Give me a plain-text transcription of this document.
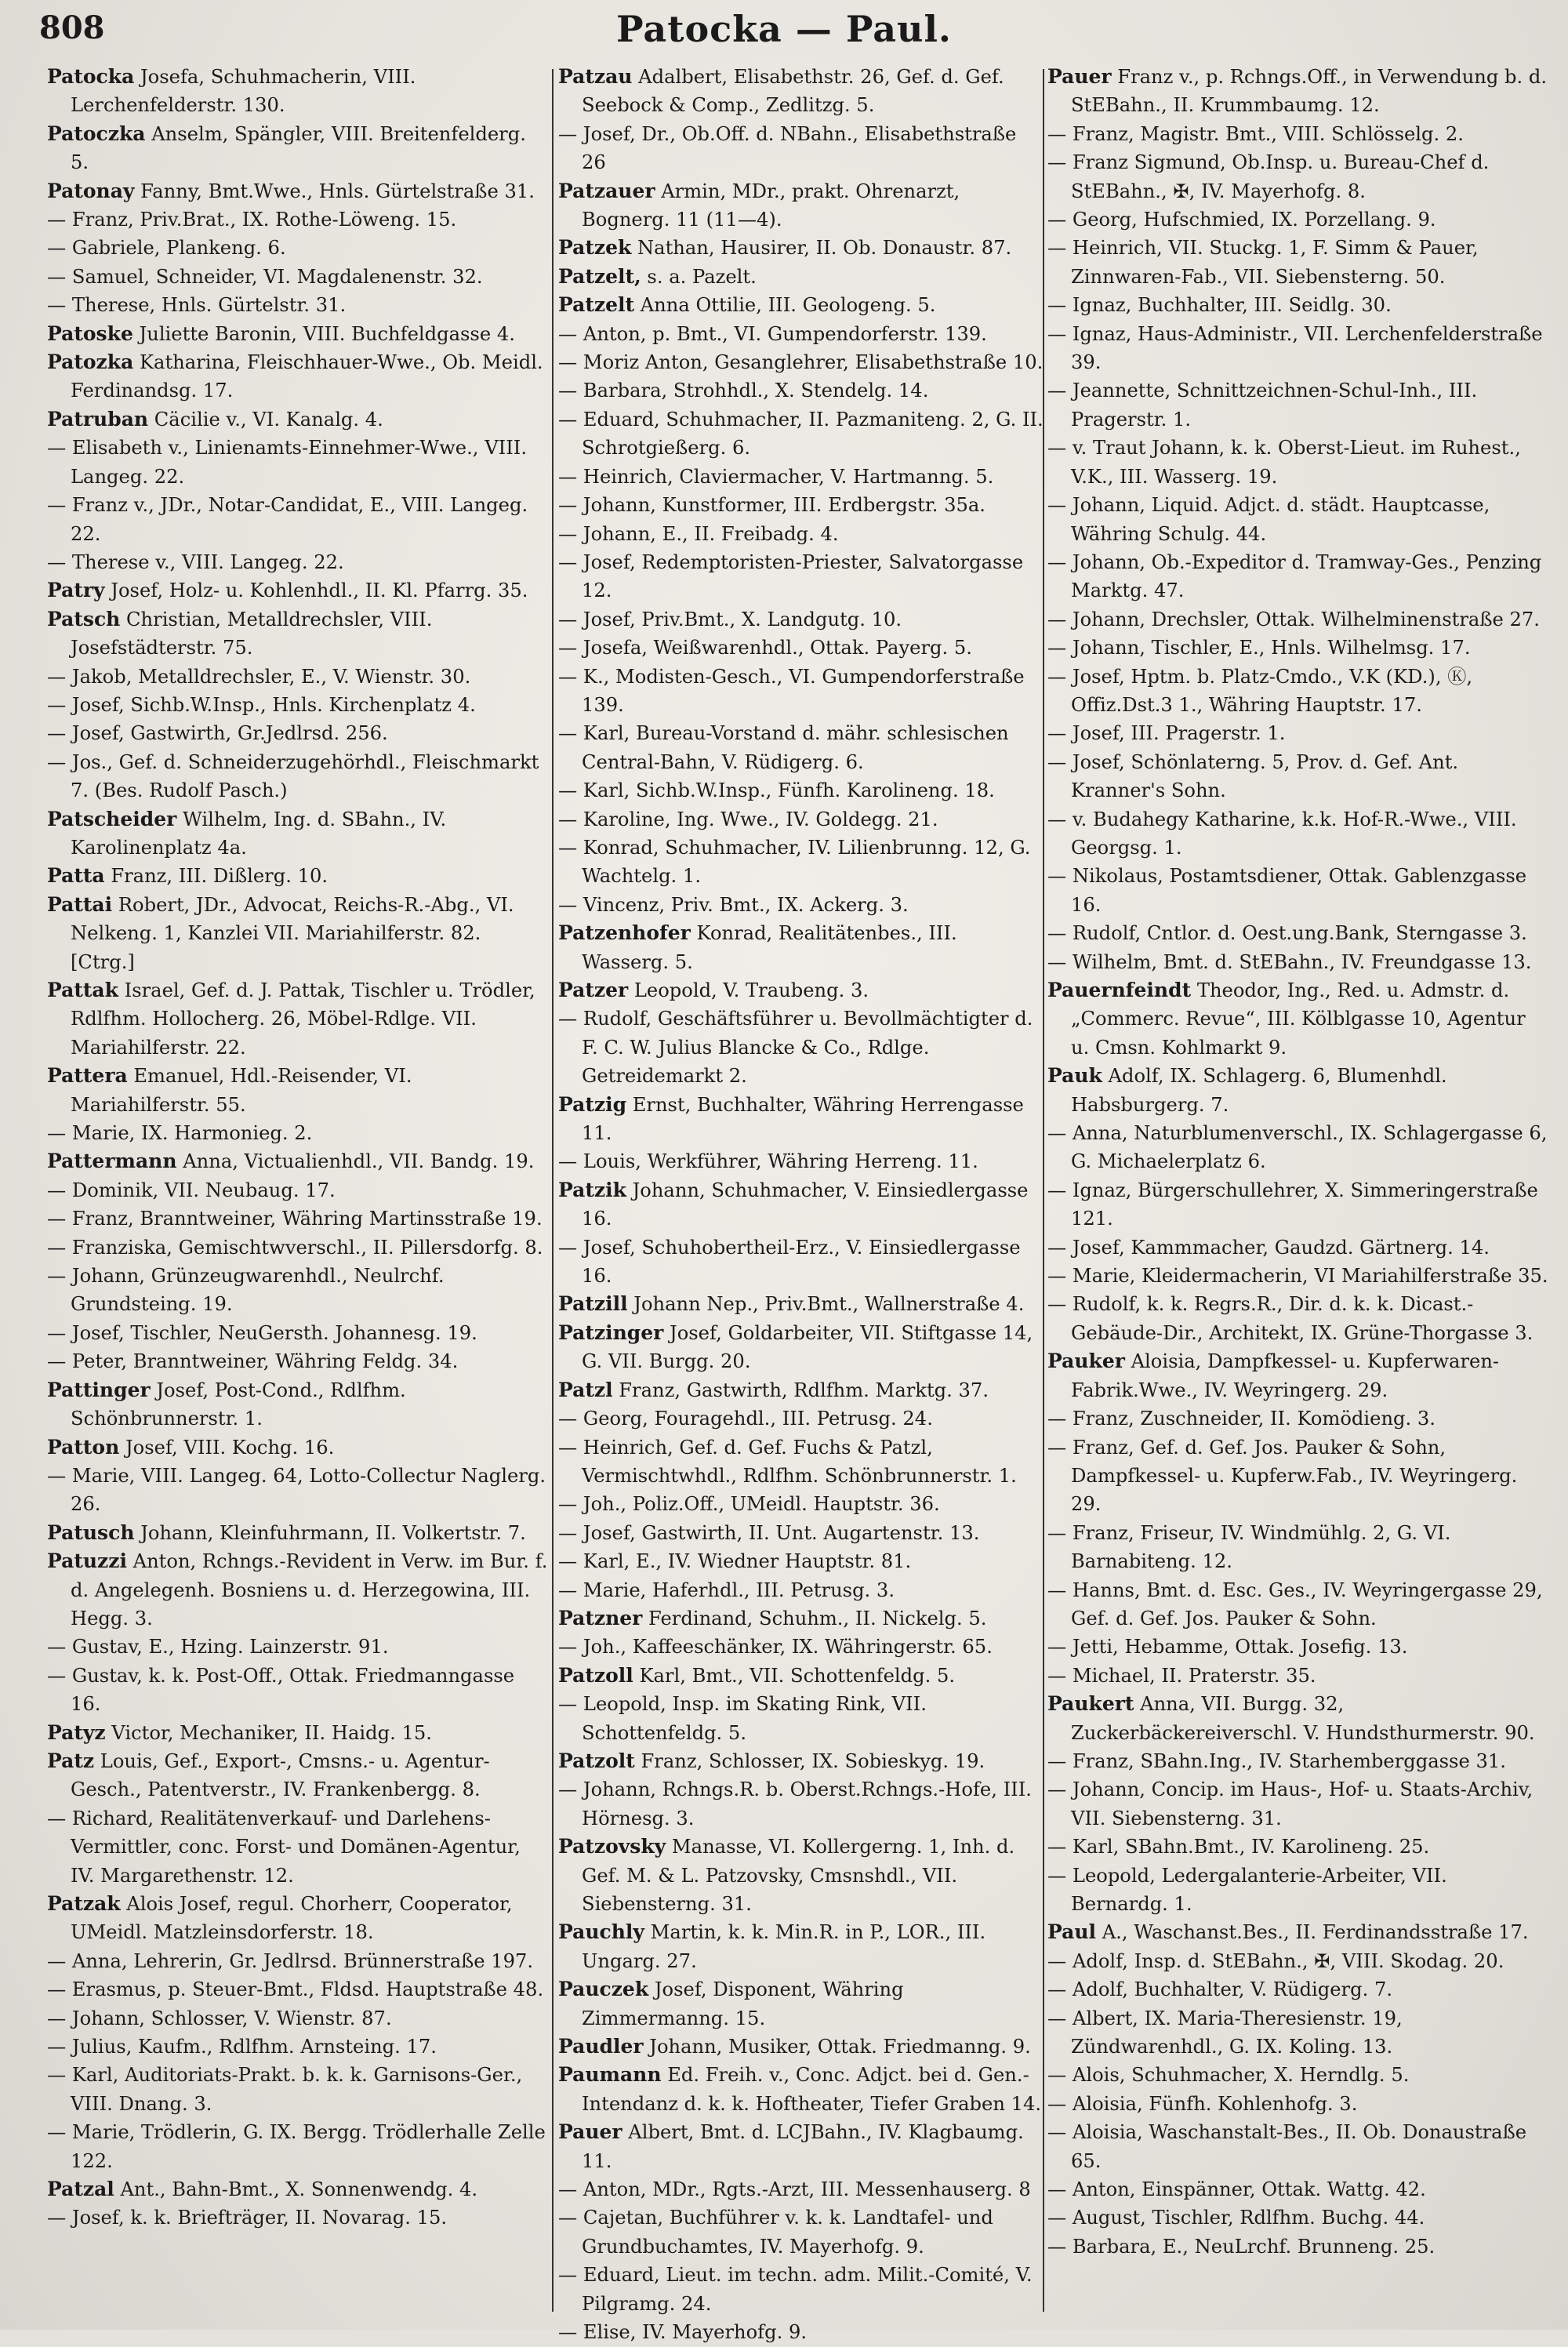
808	Patocka — Paul.

Patocka Josefa, Schuhmacherin, VIII. Lerchenfelderstr. 130.

Patoczka Anselm, Spängler, VIII. Breitenfelderg. 5.

Patonay Fanny, Bmt.Wwe., Hnls. Gürtelstraße 31.

— Franz, Priv.Brat., IX. Rothe-Löweng. 15.

— Gabriele, Plankeng. 6.

— Samuel, Schneider, VI. Magdalenenstr. 32.

— Therese, Hnls. Gürtelstr. 31.

Patoske Juliette Baronin, VIII. Buchfeldgasse 4.

Patozka Katharina, Fleischhauer-Wwe., Ob. Meidl. Ferdinandsg. 17.

Patruban Cäcilie v., VI. Kanalg. 4.

— Elisabeth v., Linienamts-Einnehmer-Wwe., VIII. Langeg. 22.

— Franz v., JDr., Notar-Candidat, E., VIII. Langeg. 22.

— Therese v., VIII. Langeg. 22.

Patry Josef, Holz- u. Kohlenhdl., II. Kl. Pfarrg. 35.

Patsch Christian, Metalldrechsler, VIII. Josefstädterstr. 75.

— Jakob, Metalldrechsler, E., V. Wienstr. 30.

— Josef, Sichb.W.Insp., Hnls. Kirchenplatz 4.

— Josef, Gastwirth, Gr.Jedlrsd. 256.

— Jos., Gef. d. Schneiderzugehörhdl., Fleischmarkt 7. (Bes. Rudolf Pasch.)

Patscheider Wilhelm, Ing. d. SBahn., IV. Karolinenplatz 4a.

Patta Franz, III. Dißlerg. 10.

Pattai Robert, JDr., Advocat, Reichs-R.-Abg., VI. Nelkeng. 1, Kanzlei VII. Mariahilferstr. 82. [Ctrg.]

Pattak Israel, Gef. d. J. Pattak, Tischler u. Trödler, Rdlfhm. Hollocherg. 26, Möbel-Rdlge. VII. Mariahilferstr. 22.

Pattera Emanuel, Hdl.-Reisender, VI. Mariahilferstr. 55.

— Marie, IX. Harmonieg. 2.

Pattermann Anna, Victualienhdl., VII. Bandg. 19.

— Dominik, VII. Neubaug. 17.

— Franz, Branntweiner, Währing Martinsstraße 19.

— Franziska, Gemischtwverschl., II. Pillersdorfg. 8.

— Johann, Grünzeugwarenhdl., Neulrchf. Grundsteing. 19.

— Josef, Tischler, NeuGersth. Johannesg. 19.

— Peter, Branntweiner, Währing Feldg. 34.

Pattinger Josef, Post-Cond., Rdlfhm. Schönbrunnerstr. 1.

Patton Josef, VIII. Kochg. 16.

— Marie, VIII. Langeg. 64, Lotto-Collectur Naglerg. 26.

Patusch Johann, Kleinfuhrmann, II. Volkertstr. 7.

Patuzzi Anton, Rchngs.-Revident in Verw. im Bur. f. d. Angelegenh. Bosniens u. d. Herzegowina, III. Hegg. 3.

— Gustav, E., Hzing. Lainzerstr. 91.

— Gustav, k. k. Post-Off., Ottak. Friedmanngasse 16.

Patyz Victor, Mechaniker, II. Haidg. 15.

Patz Louis, Gef., Export-, Cmsns.- u. Agentur-Gesch., Patentverstr., IV. Frankenbergg. 8.

— Richard, Realitätenverkauf- und Darlehens-Vermittler, conc. Forst- und Domänen-Agentur, IV. Margarethenstr. 12.

Patzak Alois Josef, regul. Chorherr, Cooperator, UMeidl. Matzleinsdorferstr. 18.

— Anna, Lehrerin, Gr. Jedlrsd. Brünnerstraße 197.

— Erasmus, p. Steuer-Bmt., Fldsd. Hauptstraße 48.

— Johann, Schlosser, V. Wienstr. 87.

— Julius, Kaufm., Rdlfhm. Arnsteing. 17.

— Karl, Auditoriats-Prakt. b. k. k. Garnisons-Ger., VIII. Dnang. 3.

— Marie, Trödlerin, G. IX. Bergg. Trödlerhalle Zelle 122.

Patzal Ant., Bahn-Bmt., X. Sonnenwendg. 4.

— Josef, k. k. Briefträger, II. Novarag. 15.

Patzau Adalbert, Elisabethstr. 26, Gef. d. Gef. Seebock & Comp., Zedlitzg. 5.

— Josef, Dr., Ob.Off. d. NBahn., Elisabethstraße 26

Patzauer Armin, MDr., prakt. Ohrenarzt, Bognerg. 11 (11—4).

Patzek Nathan, Hausirer, II. Ob. Donaustr. 87.

Patzelt, s. a. Pazelt.

Patzelt Anna Ottilie, III. Geologeng. 5.

— Anton, p. Bmt., VI. Gumpendorferstr. 139.

— Moriz Anton, Gesanglehrer, Elisabethstraße 10.

— Barbara, Strohhdl., X. Stendelg. 14.

— Eduard, Schuhmacher, II. Pazmaniteng. 2, G. II. Schrotgießerg. 6.

— Heinrich, Claviermacher, V. Hartmanng. 5.

— Johann, Kunstformer, III. Erdbergstr. 35a.

— Johann, E., II. Freibadg. 4.

— Josef, Redemptoristen-Priester, Salvatorgasse 12.

— Josef, Priv.Bmt., X. Landgutg. 10.

— Josefa, Weißwarenhdl., Ottak. Payerg. 5.

— K., Modisten-Gesch., VI. Gumpendorferstraße 139.

— Karl, Bureau-Vorstand d. mähr. schlesischen Central-Bahn, V. Rüdigerg. 6.

— Karl, Sichb.W.Insp., Fünfh. Karolineng. 18.

— Karoline, Ing. Wwe., IV. Goldegg. 21.

— Konrad, Schuhmacher, IV. Lilienbrunng. 12, G. Wachtelg. 1.

— Vincenz, Priv. Bmt., IX. Ackerg. 3.

Patzenhofer Konrad, Realitätenbes., III. Wasserg. 5.

Patzer Leopold, V. Traubeng. 3.

— Rudolf, Geschäftsführer u. Bevollmächtigter d. F. C. W. Julius Blancke & Co., Rdlge. Getreidemarkt 2.

Patzig Ernst, Buchhalter, Währing Herrengasse 11.

— Louis, Werkführer, Währing Herreng. 11.

Patzik Johann, Schuhmacher, V. Einsiedlergasse 16.

— Josef, Schuhobertheil-Erz., V. Einsiedlergasse 16.

Patzill Johann Nep., Priv.Bmt., Wallnerstraße 4.

Patzinger Josef, Goldarbeiter, VII. Stiftgasse 14, G. VII. Burgg. 20.

Patzl Franz, Gastwirth, Rdlfhm. Marktg. 37.

— Georg, Fouragehdl., III. Petrusg. 24.

— Heinrich, Gef. d. Gef. Fuchs & Patzl, Vermischtwhdl., Rdlfhm. Schönbrunnerstr. 1.

— Joh., Poliz.Off., UMeidl. Hauptstr. 36.

— Josef, Gastwirth, II. Unt. Augartenstr. 13.

— Karl, E., IV. Wiedner Hauptstr. 81.

— Marie, Haferhdl., III. Petrusg. 3.

Patzner Ferdinand, Schuhm., II. Nickelg. 5.

— Joh., Kaffeeschänker, IX. Währingerstr. 65.

Patzoll Karl, Bmt., VII. Schottenfeldg. 5.

— Leopold, Insp. im Skating Rink, VII. Schottenfeldg. 5.

Patzolt Franz, Schlosser, IX. Sobieskyg. 19.

— Johann, Rchngs.R. b. Oberst.Rchngs.-Hofe, III. Hörnesg. 3.

Patzovsky Manasse, VI. Kollergerng. 1, Inh. d. Gef. M. & L. Patzovsky, Cmsnshdl., VII. Siebensterng. 31.

Pauchly Martin, k. k. Min.R. in P., LOR., III. Ungarg. 27.

Pauczek Josef, Disponent, Währing Zimmermanng. 15.

Paudler Johann, Musiker, Ottak. Friedmanng. 9.

Paumann Ed. Freih. v., Conc. Adjct. bei d. Gen.-Intendanz d. k. k. Hoftheater, Tiefer Graben 14.

Pauer Albert, Bmt. d. LCJBahn., IV. Klagbaumg. 11.

— Anton, MDr., Rgts.-Arzt, III. Messenhauserg. 8

— Cajetan, Buchführer v. k. k. Landtafel- und Grundbuchamtes, IV. Mayerhofg. 9.

— Eduard, Lieut. im techn. adm. Milit.-Comité, V. Pilgramg. 24.

— Elise, IV. Mayerhofg. 9.

Pauer Franz v., p. Rchngs.Off., in Verwendung b. d. StEBahn., II. Krummbaumg. 12.

— Franz, Magistr. Bmt., VIII. Schlösselg. 2.

— Franz Sigmund, Ob.Insp. u. Bureau-Chef d. StEBahn., ✠, IV. Mayerhofg. 8.

— Georg, Hufschmied, IX. Porzellang. 9.

— Heinrich, VII. Stuckg. 1, F. Simm & Pauer, Zinnwaren-Fab., VII. Siebensterng. 50.

— Ignaz, Buchhalter, III. Seidlg. 30.

— Ignaz, Haus-Administr., VII. Lerchenfelderstraße 39.

— Jeannette, Schnittzeichnen-Schul-Inh., III. Pragerstr. 1.

— v. Traut Johann, k. k. Oberst-Lieut. im Ruhest., V.K., III. Wasserg. 19.

— Johann, Liquid. Adjct. d. städt. Hauptcasse, Währing Schulg. 44.

— Johann, Ob.-Expeditor d. Tramway-Ges., Penzing Marktg. 47.

— Johann, Drechsler, Ottak. Wilhelminenstraße 27.

— Johann, Tischler, E., Hnls. Wilhelmsg. 17.

— Josef, Hptm. b. Platz-Cmdo., V.K (KD.), Ⓚ, Offiz.Dst.3 1., Währing Hauptstr. 17.

— Josef, III. Pragerstr. 1.

— Josef, Schönlaterng. 5, Prov. d. Gef. Ant. Kranner's Sohn.

— v. Budahegy Katharine, k.k. Hof-R.-Wwe., VIII. Georgsg. 1.

— Nikolaus, Postamtsdiener, Ottak. Gablenzgasse 16.

— Rudolf, Cntlor. d. Oest.ung.Bank, Sterngasse 3.

— Wilhelm, Bmt. d. StEBahn., IV. Freundgasse 13.

Pauernfeindt Theodor, Ing., Red. u. Admstr. d. „Commerc. Revue“, III. Kölblgasse 10, Agentur u. Cmsn. Kohlmarkt 9.

Pauk Adolf, IX. Schlagerg. 6, Blumenhdl. Habsburgerg. 7.

— Anna, Naturblumenverschl., IX. Schlagergasse 6, G. Michaelerplatz 6.

— Ignaz, Bürgerschullehrer, X. Simmeringerstraße 121.

— Josef, Kammmacher, Gaudzd. Gärtnerg. 14.

— Marie, Kleidermacherin, VI Mariahilferstraße 35.

— Rudolf, k. k. Regrs.R., Dir. d. k. k. Dicast.-Gebäude-Dir., Architekt, IX. Grüne-Thorgasse 3.

Pauker Aloisia, Dampfkessel- u. Kupferwaren-Fabrik.Wwe., IV. Weyringerg. 29.

— Franz, Zuschneider, II. Komödieng. 3.

— Franz, Gef. d. Gef. Jos. Pauker & Sohn, Dampfkessel- u. Kupferw.Fab., IV. Weyringerg. 29.

— Franz, Friseur, IV. Windmühlg. 2, G. VI. Barnabiteng. 12.

— Hanns, Bmt. d. Esc. Ges., IV. Weyringergasse 29, Gef. d. Gef. Jos. Pauker & Sohn.

— Jetti, Hebamme, Ottak. Josefig. 13.

— Michael, II. Praterstr. 35.

Paukert Anna, VII. Burgg. 32, Zuckerbäckereiverschl. V. Hundsthurmerstr. 90.

— Franz, SBahn.Ing., IV. Starhemberggasse 31.

— Johann, Concip. im Haus-, Hof- u. Staats-Archiv, VII. Siebensterng. 31.

— Karl, SBahn.Bmt., IV. Karolineng. 25.

— Leopold, Ledergalanterie-Arbeiter, VII. Bernardg. 1.

Paul A., Waschanst.Bes., II. Ferdinandsstraße 17.

— Adolf, Insp. d. StEBahn., ✠, VIII. Skodag. 20.

— Adolf, Buchhalter, V. Rüdigerg. 7.

— Albert, IX. Maria-Theresienstr. 19, Zündwarenhdl., G. IX. Koling. 13.

— Alois, Schuhmacher, X. Herndlg. 5.

— Aloisia, Fünfh. Kohlenhofg. 3.

— Aloisia, Waschanstalt-Bes., II. Ob. Donaustraße 65.

— Anton, Einspänner, Ottak. Wattg. 42.

— August, Tischler, Rdlfhm. Buchg. 44.

— Barbara, E., NeuLrchf. Brunneng. 25.
